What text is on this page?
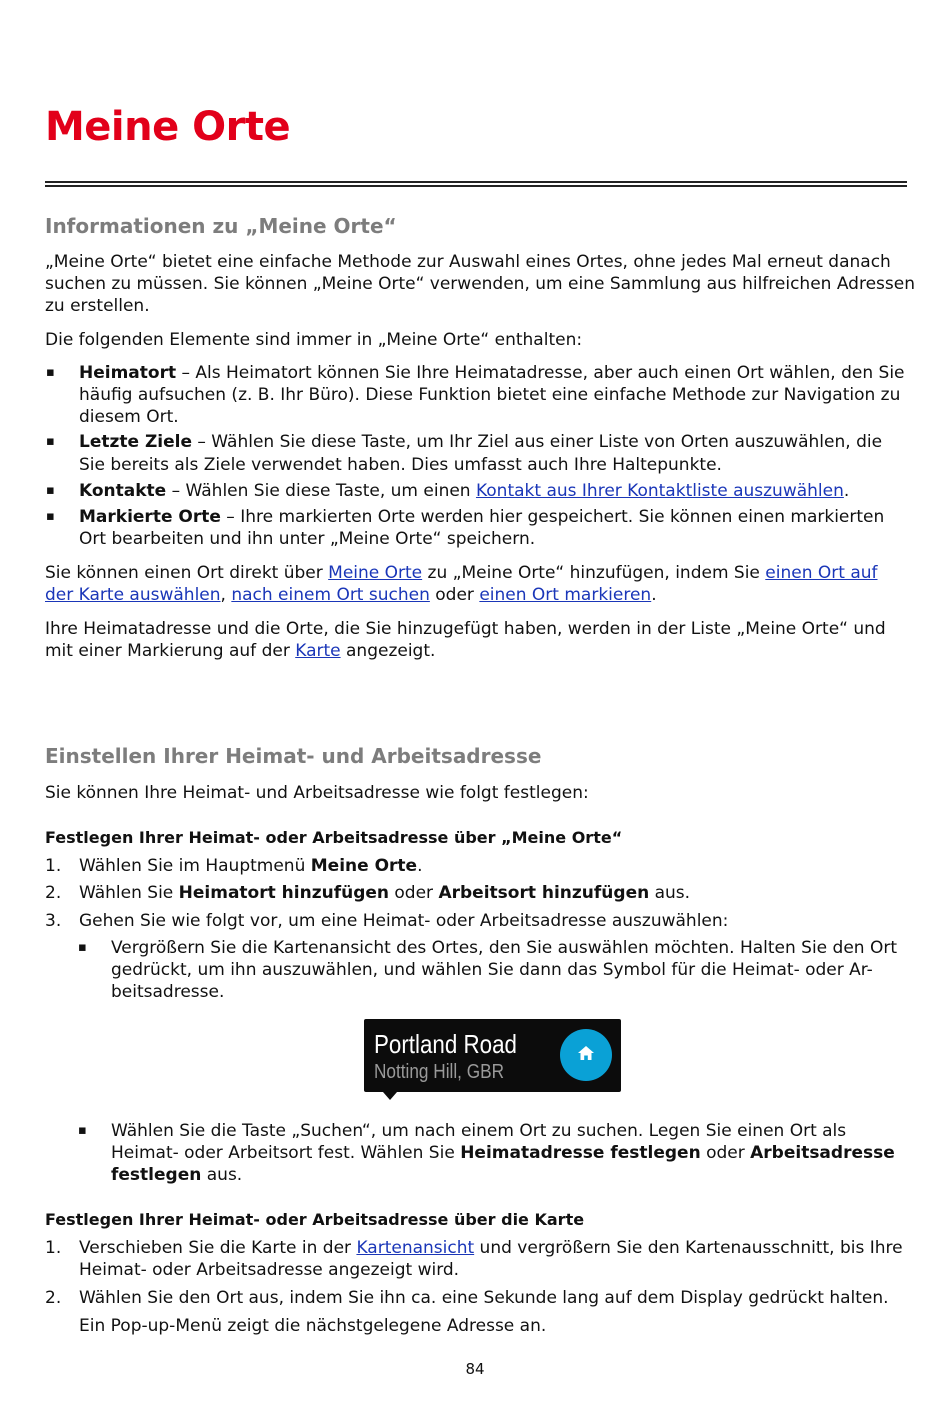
Meine Orte
Informationen zu „Meine Orte“

„Meine Orte“ bietet eine einfache Methode zur Auswahl eines Ortes, ohne jedes Mal erneut danach

suchen zu müssen. Sie können „Meine Orte“ verwenden, um eine Sammlung aus hilfreichen Adressen

zu erstellen.

Die folgenden Elemente sind immer in „Meine Orte“ enthalten:

▪ Heimatort – Als Heimatort können Sie Ihre Heimatadresse, aber auch einen Ort wählen, den Sie

häufig aufsuchen (z. B. Ihr Büro). Diese Funktion bietet eine einfache Methode zur Navigation zu

diesem Ort.

▪ Letzte Ziele – Wählen Sie diese Taste, um Ihr Ziel aus einer Liste von Orten auszuwählen, die

Sie bereits als Ziele verwendet haben. Dies umfasst auch Ihre Haltepunkte.

▪ Kontakte – Wählen Sie diese Taste, um einen Kontakt aus Ihrer Kontaktliste auszuwählen.

▪ Markierte Orte – Ihre markierten Orte werden hier gespeichert. Sie können einen markierten

Ort bearbeiten und ihn unter „Meine Orte“ speichern.

Sie können einen Ort direkt über Meine Orte zu „Meine Orte“ hinzufügen, indem Sie einen Ort auf

der Karte auswählen, nach einem Ort suchen oder einen Ort markieren.

Ihre Heimatadresse und die Orte, die Sie hinzugefügt haben, werden in der Liste „Meine Orte“ und

mit einer Markierung auf der Karte angezeigt.

Einstellen Ihrer Heimat- und Arbeitsadresse

Sie können Ihre Heimat- und Arbeitsadresse wie folgt festlegen:

Festlegen Ihrer Heimat- oder Arbeitsadresse über „Meine Orte“

1. Wählen Sie im Hauptmenü Meine Orte.

2. Wählen Sie Heimatort hinzufügen oder Arbeitsort hinzufügen aus.

3. Gehen Sie wie folgt vor, um eine Heimat- oder Arbeitsadresse auszuwählen:

▪ Vergrößern Sie die Kartenansicht des Ortes, den Sie auswählen möchten. Halten Sie den Ort

gedrückt, um ihn auszuwählen, und wählen Sie dann das Symbol für die Heimat- oder Ar-

beitsadresse.

Portland Road
Notting Hill, GBR
▪ Wählen Sie die Taste „Suchen“, um nach einem Ort zu suchen. Legen Sie einen Ort als

Heimat- oder Arbeitsort fest. Wählen Sie Heimatadresse festlegen oder Arbeitsadresse

festlegen aus.

Festlegen Ihrer Heimat- oder Arbeitsadresse über die Karte

1. Verschieben Sie die Karte in der Kartenansicht und vergrößern Sie den Kartenausschnitt, bis Ihre

Heimat- oder Arbeitsadresse angezeigt wird.

2. Wählen Sie den Ort aus, indem Sie ihn ca. eine Sekunde lang auf dem Display gedrückt halten.

Ein Pop-up-Menü zeigt die nächstgelegene Adresse an.

84
